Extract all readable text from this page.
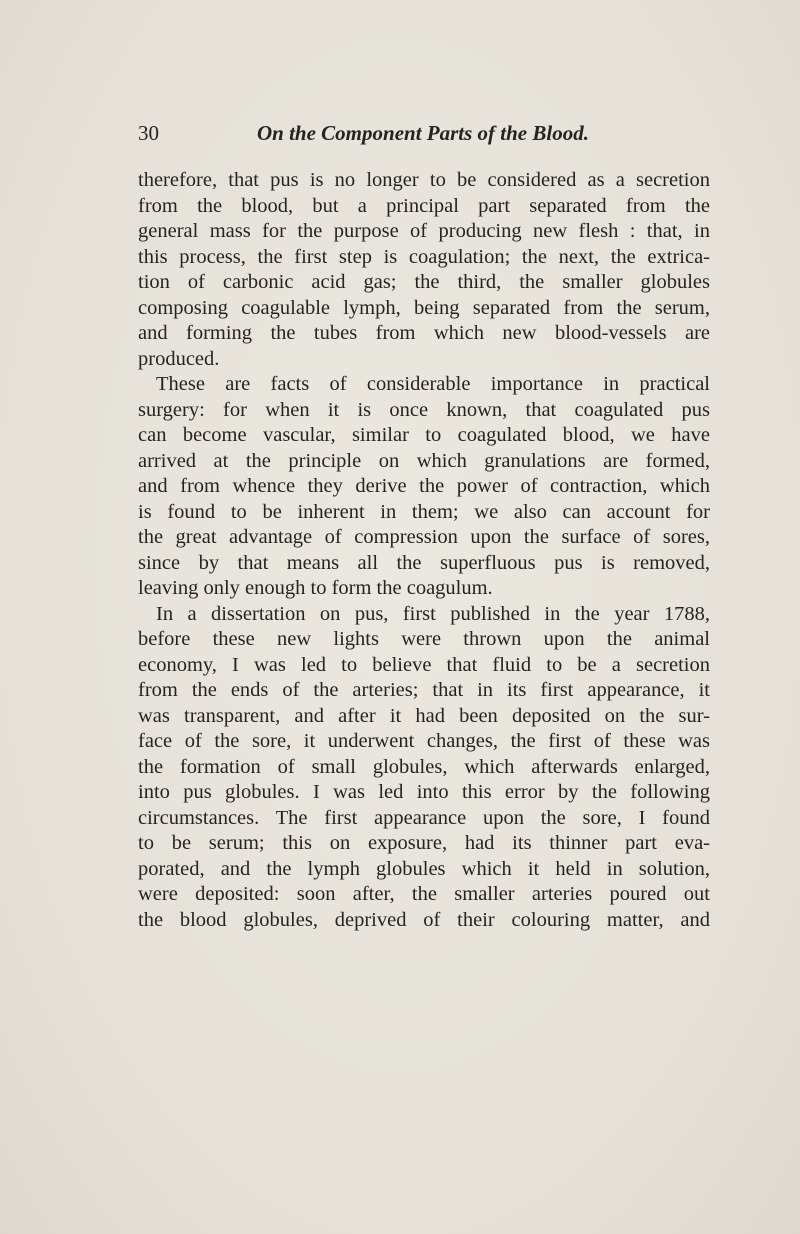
30	On the Component Parts of the Blood.
therefore, that pus is no longer to be considered as a secretion
from the blood, but a principal part separated from the
general mass for the purpose of producing new flesh : that, in
this process, the first step is coagulation; the next, the extrica-
tion of carbonic acid gas; the third, the smaller globules
composing coagulable lymph, being separated from the serum,
and forming the tubes from which new blood-vessels are
produced.
These are facts of considerable importance in practical
surgery: for when it is once known, that coagulated pus
can become vascular, similar to coagulated blood, we have
arrived at the principle on which granulations are formed,
and from whence they derive the power of contraction, which
is found to be inherent in them; we also can account for
the great advantage of compression upon the surface of sores,
since by that means all the superfluous pus is removed,
leaving only enough to form the coagulum.
In a dissertation on pus, first published in the year 1788,
before these new lights were thrown upon the animal
economy, I was led to believe that fluid to be a secretion
from the ends of the arteries; that in its first appearance, it
was transparent, and after it had been deposited on the sur-
face of the sore, it underwent changes, the first of these was
the formation of small globules, which afterwards enlarged,
into pus globules. I was led into this error by the following
circumstances. The first appearance upon the sore, I found
to be serum; this on exposure, had its thinner part eva-
porated, and the lymph globules which it held in solution,
were deposited: soon after, the smaller arteries poured out
the blood globules, deprived of their colouring matter, and
